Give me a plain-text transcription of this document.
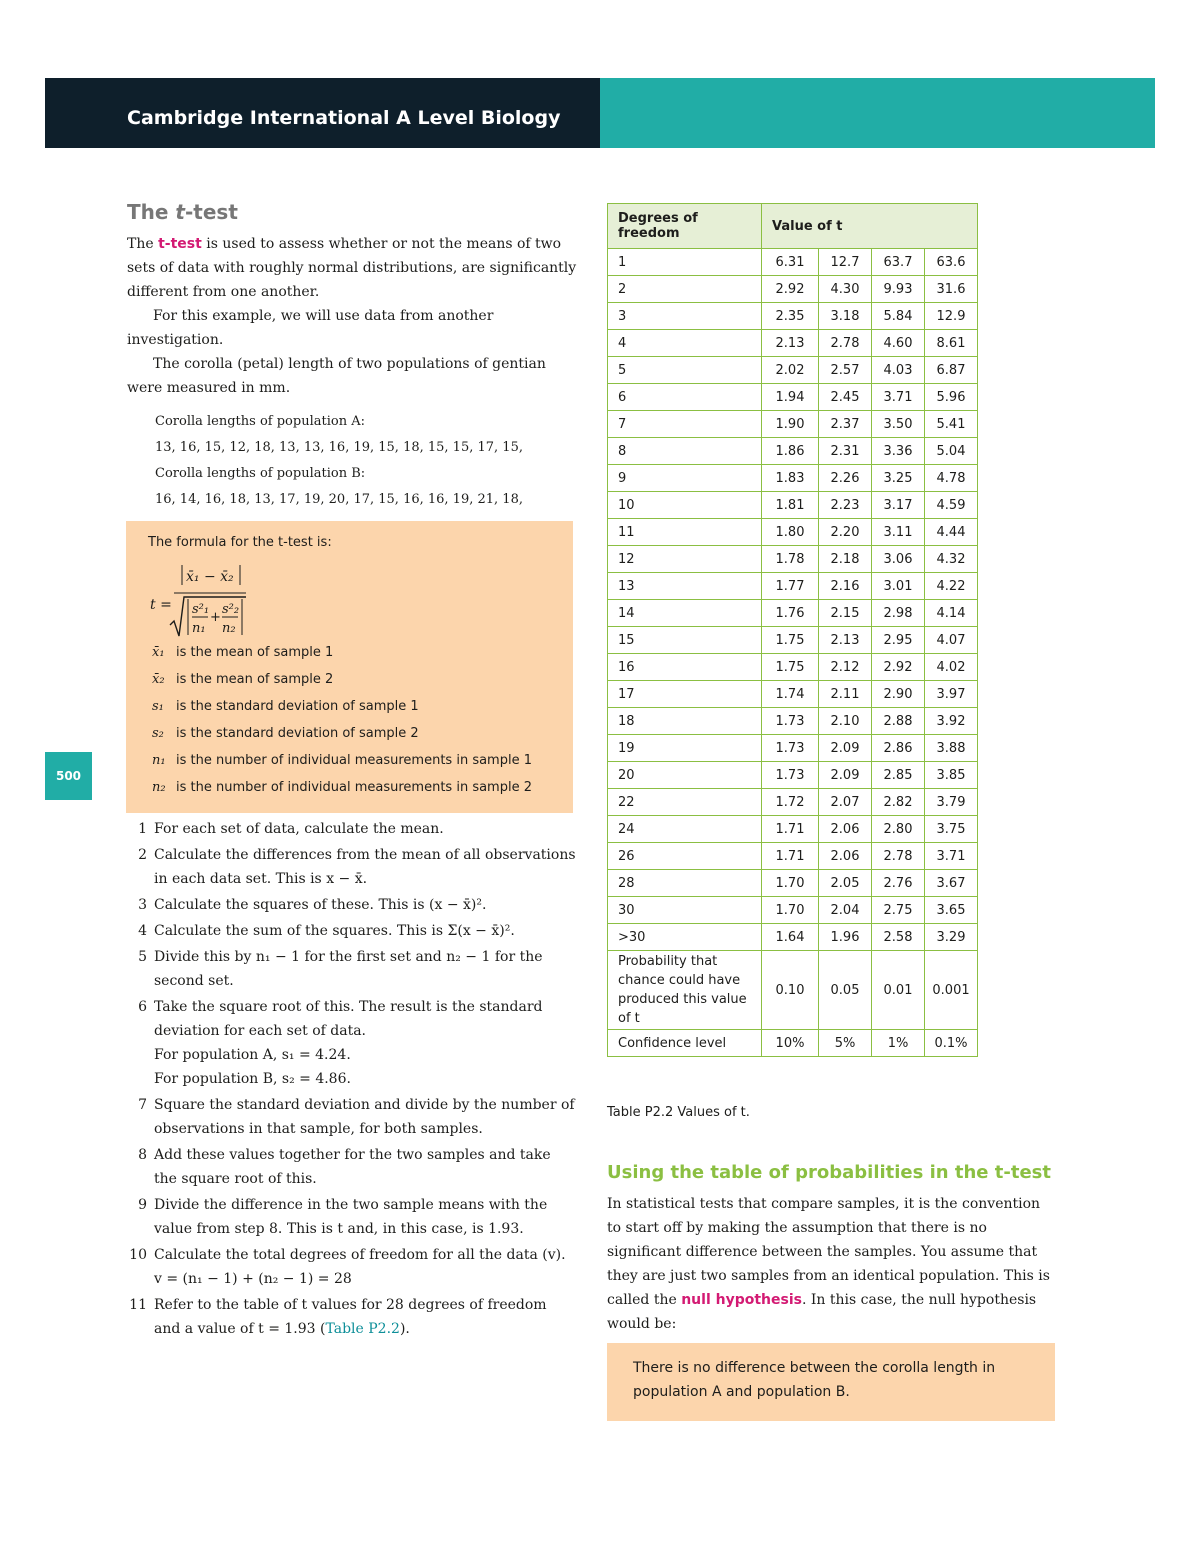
Cambridge International A Level Biology
500
The t-test

The t-test is used to assess whether or not the means of two sets of data with roughly normal distributions, are significantly different from one another.

For this example, we will use data from another investigation.

The corolla (petal) length of two populations of gentian were measured in mm.

Corolla lengths of population A:
13, 16, 15, 12, 18, 13, 13, 16, 19, 15, 18, 15, 15, 17, 15,
Corolla lengths of population B:
16, 14, 16, 18, 13, 17, 19, 20, 17, 15, 16, 16, 19, 21, 18,
The formula for the t-test is:
t =
x̄₁ − x̄₂
s²₁
n₁
+
s²₂
n₂
x̄₁ is the mean of sample 1
x̄₂ is the mean of sample 2
s₁ is the standard deviation of sample 1
s₂ is the standard deviation of sample 2
n₁ is the number of individual measurements in sample 1
n₂ is the number of individual measurements in sample 2
1 For each set of data, calculate the mean.
2 Calculate the differences from the mean of all observations in each data set. This is x − x̄.
3 Calculate the squares of these. This is (x − x̄)².
4 Calculate the sum of the squares. This is Σ(x − x̄)².
5 Divide this by n₁ − 1 for the first set and n₂ − 1 for the second set.
6 Take the square root of this. The result is the standard deviation for each set of data.
For population A, s₁ = 4.24.
For population B, s₂ = 4.86.
7 Square the standard deviation and divide by the number of observations in that sample, for both samples.
8 Add these values together for the two samples and take the square root of this.
9 Divide the difference in the two sample means with the value from step 8. This is t and, in this case, is 1.93.
10 Calculate the total degrees of freedom for all the data (v).
v = (n₁ − 1) + (n₂ − 1) = 28
11 Refer to the table of t values for 28 degrees of freedom and a value of t = 1.93 (Table P2.2).
Degrees of freedom	Value of t			
1	6.31	12.7	63.7	63.6
2	2.92	4.30	9.93	31.6
3	2.35	3.18	5.84	12.9
4	2.13	2.78	4.60	8.61
5	2.02	2.57	4.03	6.87
6	1.94	2.45	3.71	5.96
7	1.90	2.37	3.50	5.41
8	1.86	2.31	3.36	5.04
9	1.83	2.26	3.25	4.78
10	1.81	2.23	3.17	4.59
11	1.80	2.20	3.11	4.44
12	1.78	2.18	3.06	4.32
13	1.77	2.16	3.01	4.22
14	1.76	2.15	2.98	4.14
15	1.75	2.13	2.95	4.07
16	1.75	2.12	2.92	4.02
17	1.74	2.11	2.90	3.97
18	1.73	2.10	2.88	3.92
19	1.73	2.09	2.86	3.88
20	1.73	2.09	2.85	3.85
22	1.72	2.07	2.82	3.79
24	1.71	2.06	2.80	3.75
26	1.71	2.06	2.78	3.71
28	1.70	2.05	2.76	3.67
30	1.70	2.04	2.75	3.65
>30	1.64	1.96	2.58	3.29
Probability that chance could have produced this value of t	0.10	0.05	0.01	0.001
Confidence level	10%	5%	1%	0.1%
Table P2.2 Values of t.
Using the table of probabilities in the t-test

In statistical tests that compare samples, it is the convention to start off by making the assumption that there is no significant difference between the samples. You assume that they are just two samples from an identical population. This is called the null hypothesis. In this case, the null hypothesis would be:

There is no difference between the corolla length in population A and population B.
